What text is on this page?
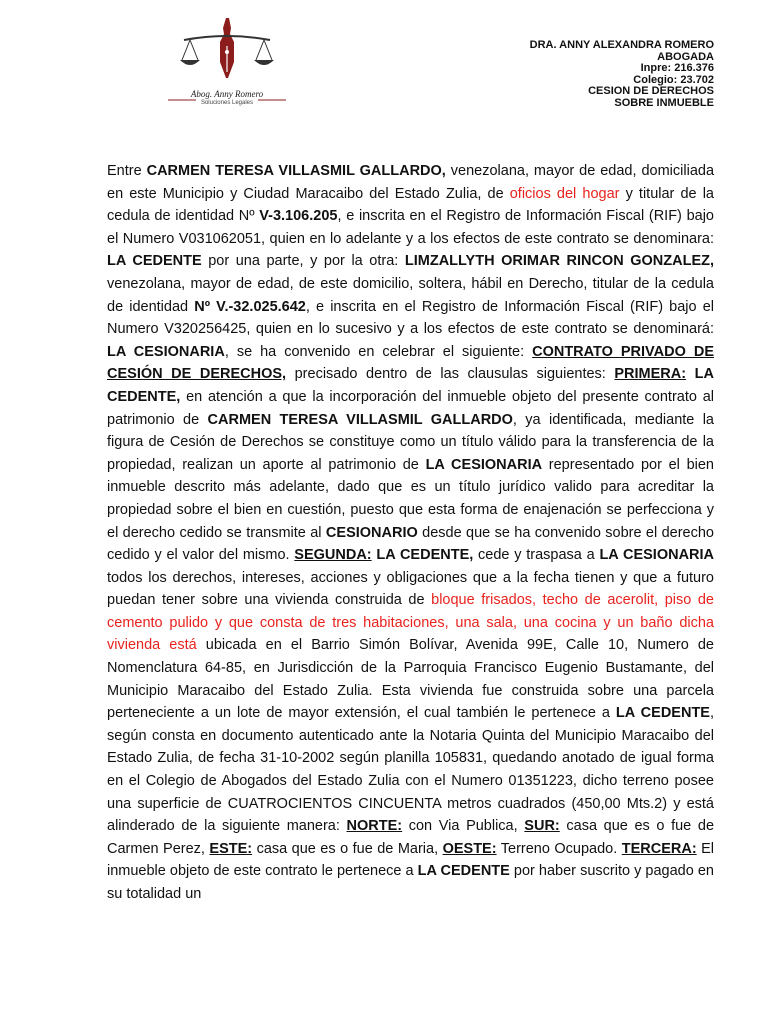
Abog. Anny Romero
Soluciones Legales
DRA. ANNY ALEXANDRA ROMERO
ABOGADA
Inpre: 216.376
Colegio: 23.702
CESION DE DERECHOS
SOBRE INMUEBLE

Entre CARMEN TERESA VILLASMIL GALLARDO, venezolana, mayor de edad, domiciliada en este Municipio y Ciudad Maracaibo del Estado Zulia, de oficios del hogar y titular de la cedula de identidad Nº V-3.106.205, e inscrita en el Registro de Información Fiscal (RIF) bajo el Numero V031062051, quien en lo adelante y a los efectos de este contrato se denominara: LA CEDENTE por una parte, y por la otra: LIMZALLYTH ORIMAR RINCON GONZALEZ, venezolana, mayor de edad, de este domicilio, soltera, hábil en Derecho, titular de la cedula de identidad Nº V.-32.025.642, e inscrita en el Registro de Información Fiscal (RIF) bajo el Numero V320256425, quien en lo sucesivo y a los efectos de este contrato se denominará: LA CESIONARIA, se ha convenido en celebrar el siguiente: CONTRATO PRIVADO DE CESIÓN DE DERECHOS, precisado dentro de las clausulas siguientes: PRIMERA: LA CEDENTE, en atención a que la incorporación del inmueble objeto del presente contrato al patrimonio de CARMEN TERESA VILLASMIL GALLARDO, ya identificada, mediante la figura de Cesión de Derechos se constituye como un título válido para la transferencia de la propiedad, realizan un aporte al patrimonio de LA CESIONARIA representado por el bien inmueble descrito más adelante, dado que es un título jurídico valido para acreditar la propiedad sobre el bien en cuestión, puesto que esta forma de enajenación se perfecciona y el derecho cedido se transmite al CESIONARIO desde que se ha convenido sobre el derecho cedido y el valor del mismo. SEGUNDA: LA CEDENTE, cede y traspasa a LA CESIONARIA todos los derechos, intereses, acciones y obligaciones que a la fecha tienen y que a futuro puedan tener sobre una vivienda construida de bloque frisados, techo de acerolit, piso de cemento pulido y que consta de tres habitaciones, una sala, una cocina y un baño dicha vivienda está ubicada en el Barrio Simón Bolívar, Avenida 99E, Calle 10, Numero de Nomenclatura 64-85, en Jurisdicción de la Parroquia Francisco Eugenio Bustamante, del Municipio Maracaibo del Estado Zulia. Esta vivienda fue construida sobre una parcela perteneciente a un lote de mayor extensión, el cual también le pertenece a LA CEDENTE, según consta en documento autenticado ante la Notaria Quinta del Municipio Maracaibo del Estado Zulia, de fecha 31-10-2002 según planilla 105831, quedando anotado de igual forma en el Colegio de Abogados del Estado Zulia con el Numero 01351223, dicho terreno posee una superficie de CUATROCIENTOS CINCUENTA metros cuadrados (450,00 Mts.2) y está alinderado de la siguiente manera: NORTE: con Via Publica, SUR: casa que es o fue de Carmen Perez, ESTE: casa que es o fue de Maria, OESTE: Terreno Ocupado. TERCERA: El inmueble objeto de este contrato le pertenece a LA CEDENTE por haber suscrito y pagado en su totalidad un
